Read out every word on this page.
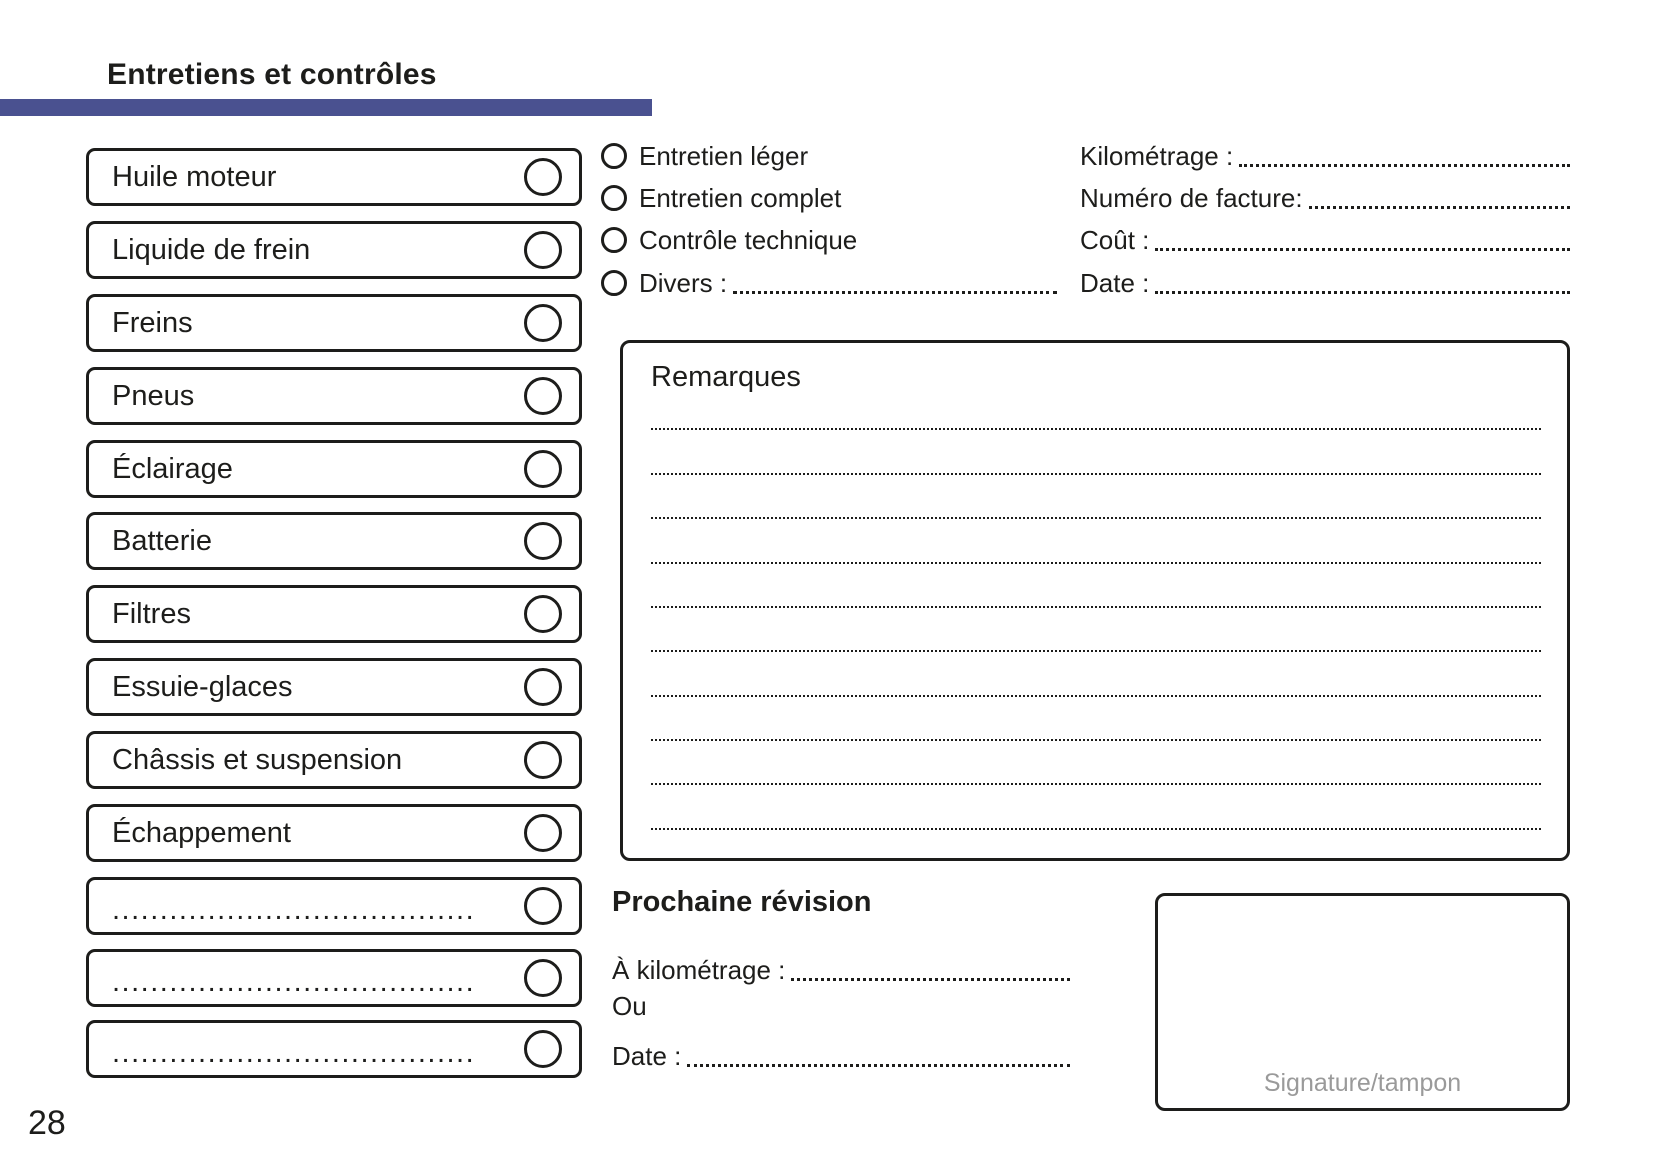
Entretiens et contrôles
Huile moteur
Liquide de frein
Freins
Pneus
Éclairage
Batterie
Filtres
Essuie-glaces
Châssis et suspension
Échappement
......................................
......................................
......................................
Entretien léger
Entretien complet
Contrôle technique
Divers :
Kilométrage :
Numéro de facture:
Coût :
Date :
Remarques
Prochaine révision
À kilométrage :
Ou
Date :
Signature/tampon
28
